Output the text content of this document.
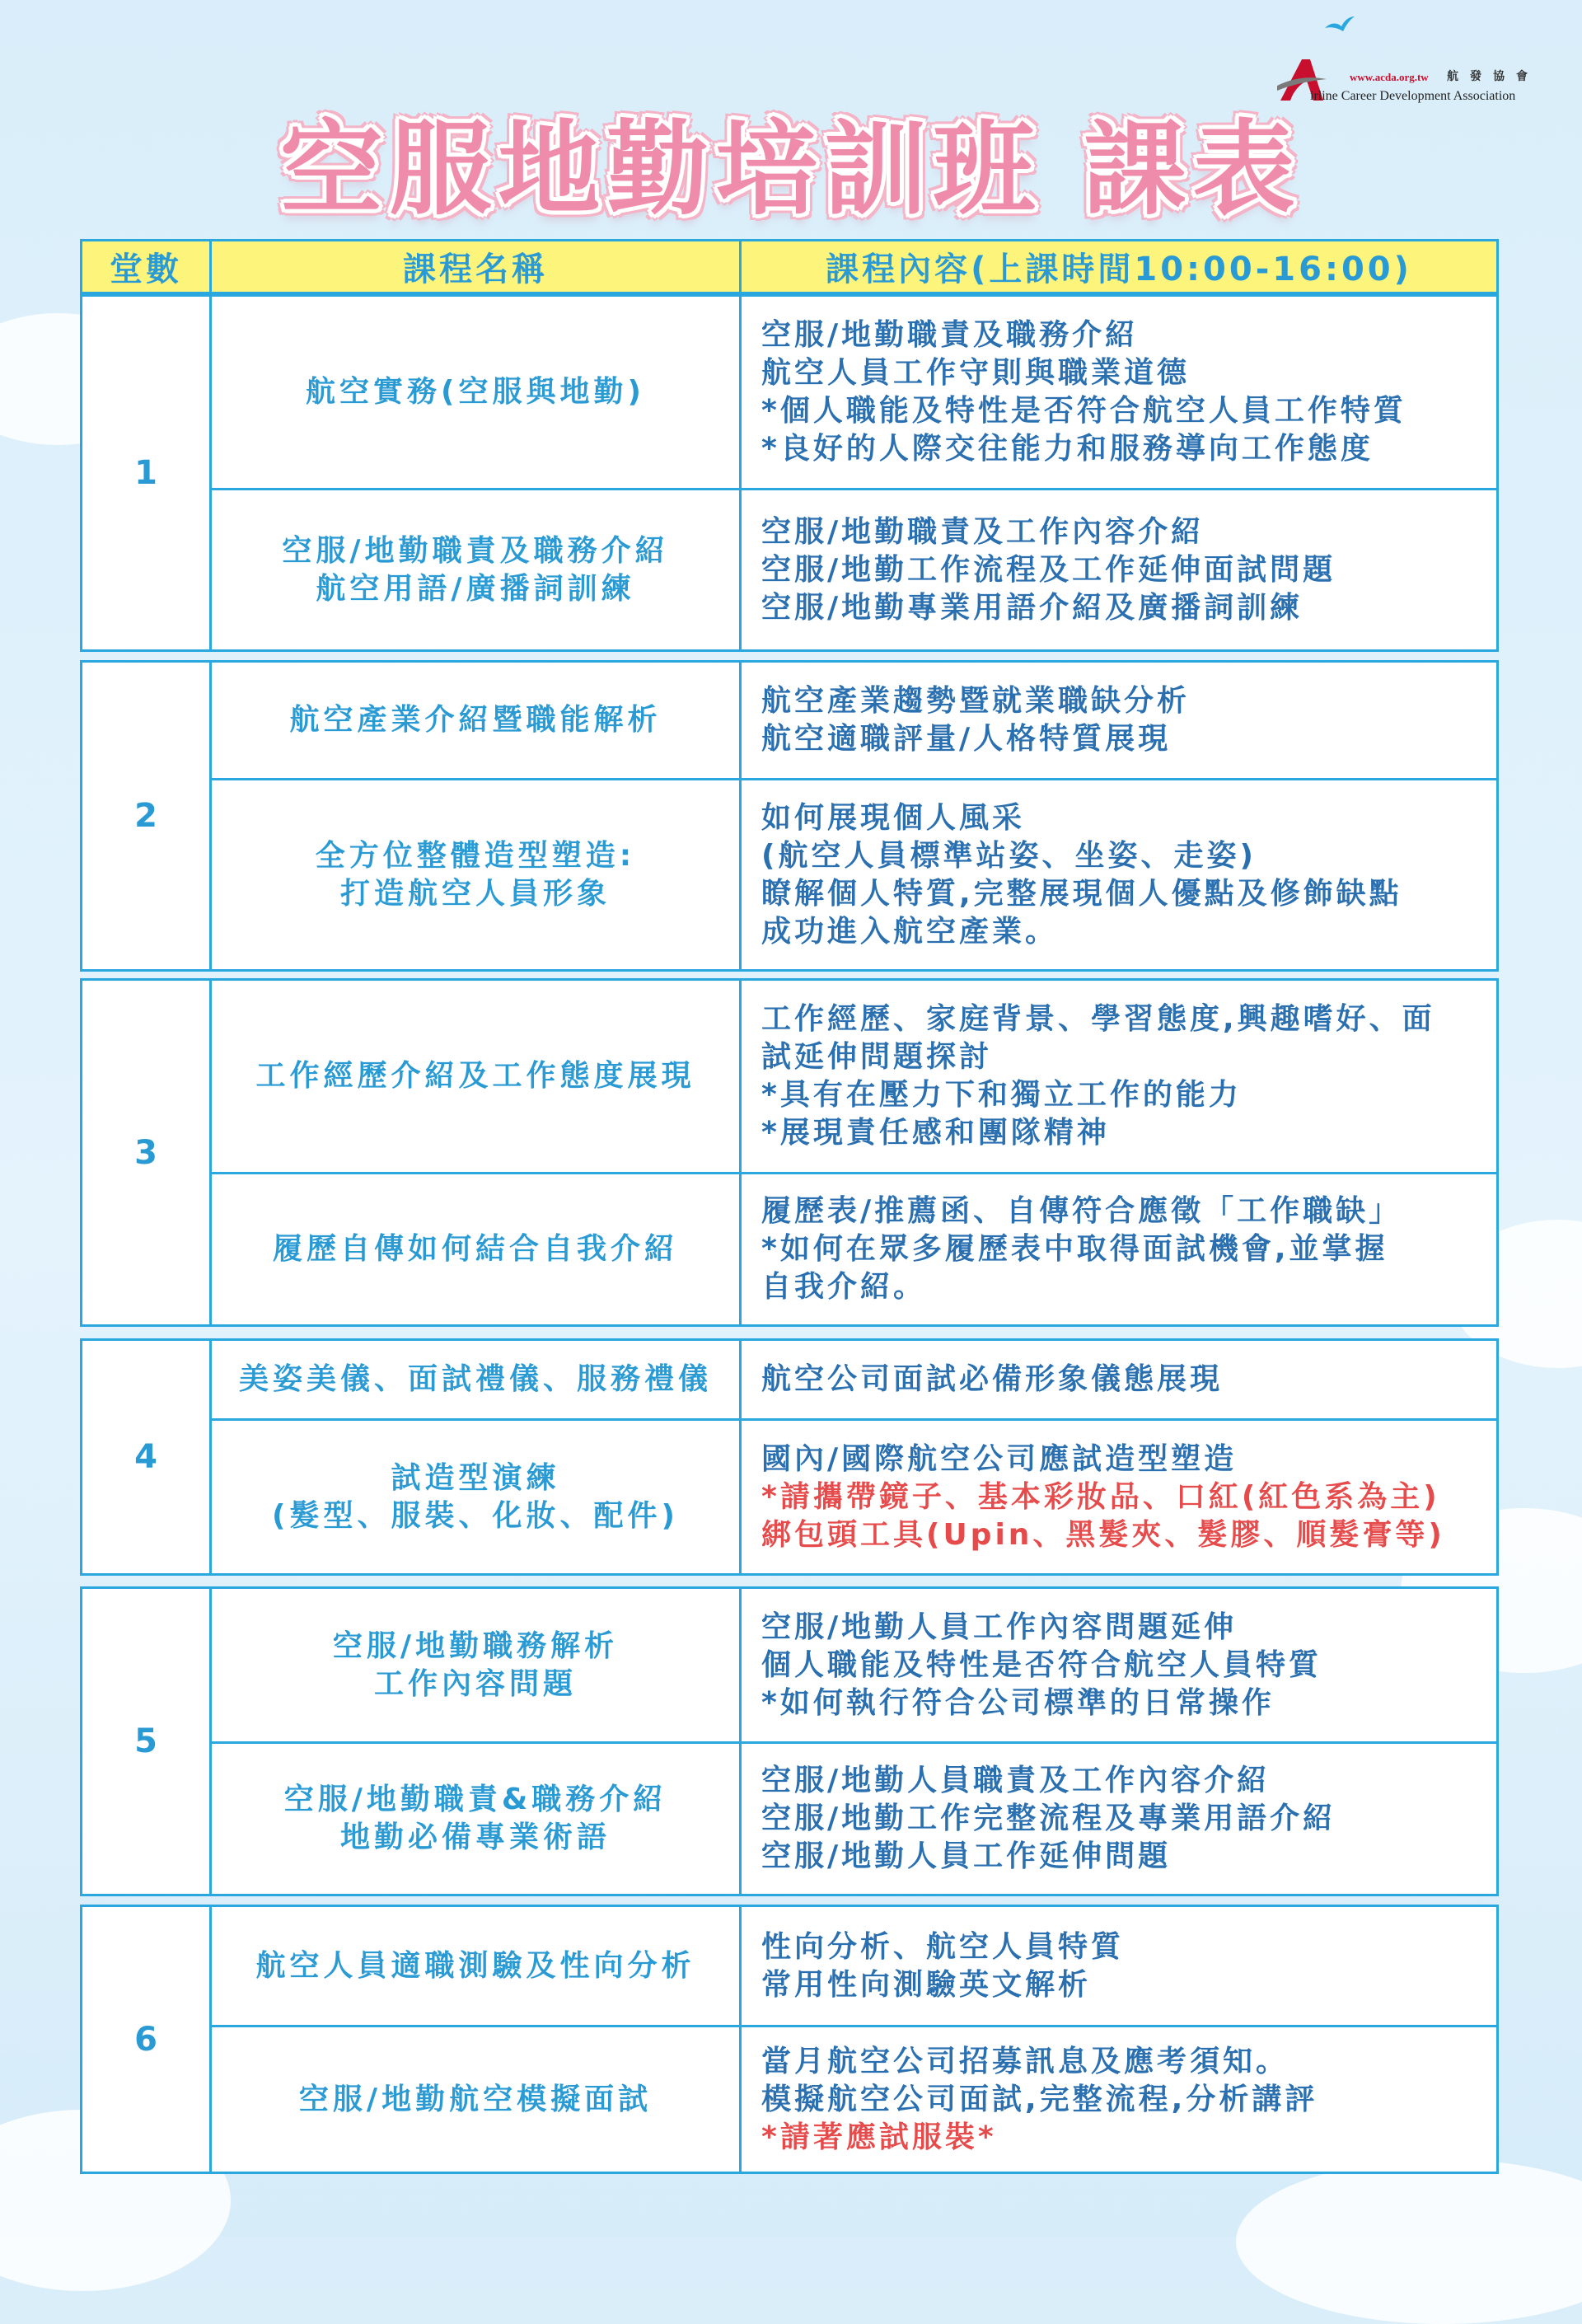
www.acda.org.tw 航發協會
irline Career Development Association
空服地勤培訓班 課表
堂數	課程名稱	課程內容(上課時間10:00-16:00)
1
航空實務(空服與地勤)
空服/地勤職責及職務介紹
航空人員工作守則與職業道德
*個人職能及特性是否符合航空人員工作特質
*良好的人際交往能力和服務導向工作態度
空服/地勤職責及職務介紹
航空用語/廣播詞訓練
空服/地勤職責及工作內容介紹
空服/地勤工作流程及工作延伸面試問題
空服/地勤專業用語介紹及廣播詞訓練
2
航空產業介紹暨職能解析
航空產業趨勢暨就業職缺分析
航空適職評量/人格特質展現
全方位整體造型塑造:
打造航空人員形象
如何展現個人風采
(航空人員標準站姿、坐姿、走姿)
瞭解個人特質,完整展現個人優點及修飾缺點
成功進入航空產業。
3
工作經歷介紹及工作態度展現
工作經歷、家庭背景、學習態度,興趣嗜好、面
試延伸問題探討
*具有在壓力下和獨立工作的能力
*展現責任感和團隊精神
履歷自傳如何結合自我介紹
履歷表/推薦函、自傳符合應徵「工作職缺」
*如何在眾多履歷表中取得面試機會,並掌握
自我介紹。
4
美姿美儀、面試禮儀、服務禮儀 航空公司面試必備形象儀態展現
試造型演練
(髮型、服裝、化妝、配件)
國內/國際航空公司應試造型塑造
*請攜帶鏡子、基本彩妝品、口紅(紅色系為主)
綁包頭工具(Upin、黑髮夾、髮膠、順髮膏等)
5
空服/地勤職務解析
工作內容問題
空服/地勤人員工作內容問題延伸
個人職能及特性是否符合航空人員特質
*如何執行符合公司標準的日常操作
空服/地勤職責&職務介紹
地勤必備專業術語
空服/地勤人員職責及工作內容介紹
空服/地勤工作完整流程及專業用語介紹
空服/地勤人員工作延伸問題
6
航空人員適職測驗及性向分析
性向分析、航空人員特質
常用性向測驗英文解析
空服/地勤航空模擬面試
當月航空公司招募訊息及應考須知。
模擬航空公司面試,完整流程,分析講評
*請著應試服裝*
